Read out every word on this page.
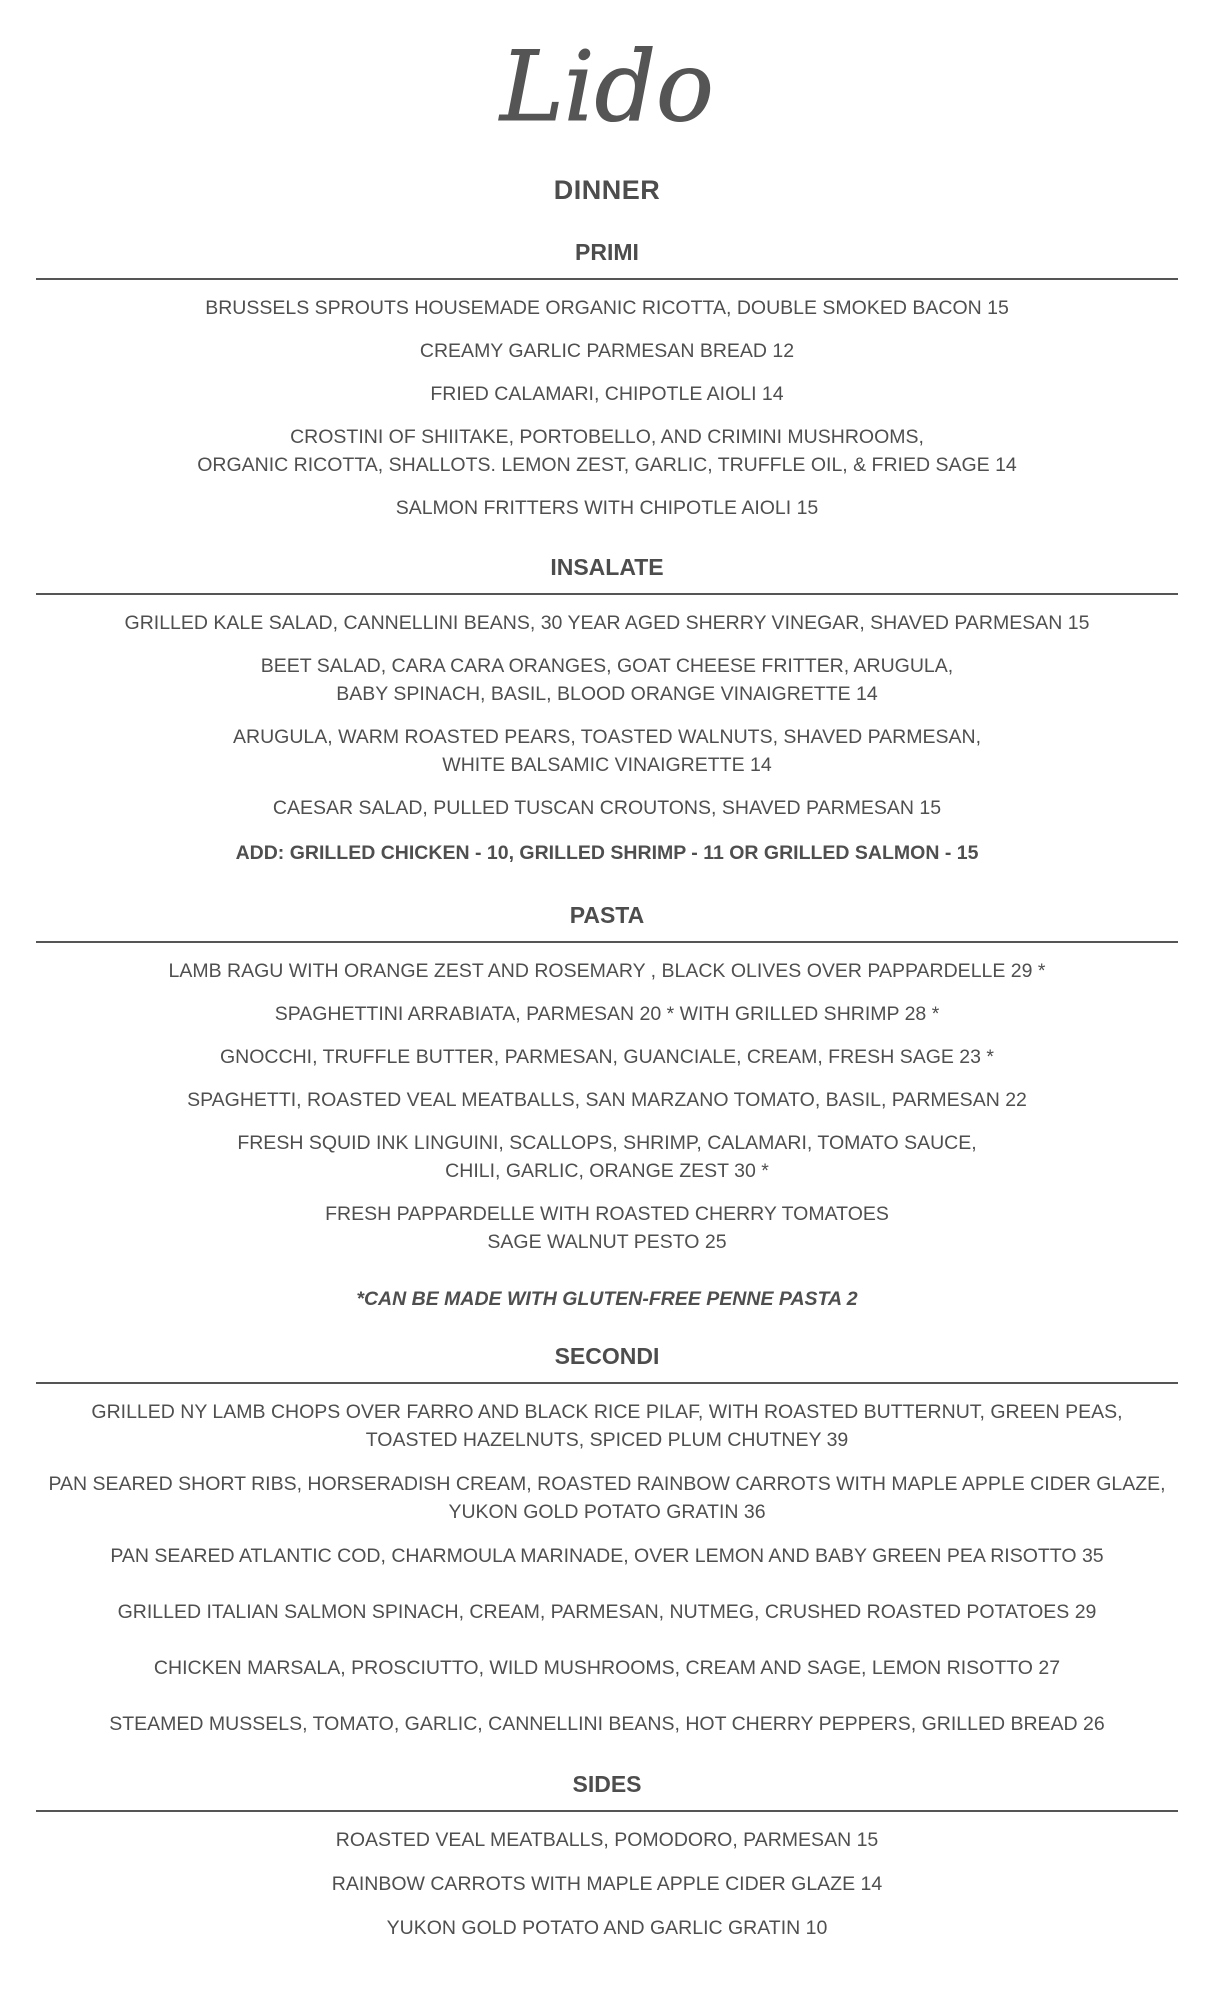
Lido
DINNER
PRIMI
BRUSSELS SPROUTS HOUSEMADE ORGANIC RICOTTA, DOUBLE SMOKED BACON 15
CREAMY GARLIC PARMESAN BREAD 12
FRIED CALAMARI, CHIPOTLE AIOLI 14
CROSTINI OF SHIITAKE, PORTOBELLO, AND CRIMINI MUSHROOMS,
ORGANIC RICOTTA, SHALLOTS. LEMON ZEST, GARLIC, TRUFFLE OIL, & FRIED SAGE 14
SALMON FRITTERS WITH CHIPOTLE AIOLI 15
INSALATE
GRILLED KALE SALAD, CANNELLINI BEANS, 30 YEAR AGED SHERRY VINEGAR, SHAVED PARMESAN 15
BEET SALAD, CARA CARA ORANGES, GOAT CHEESE FRITTER, ARUGULA,
BABY SPINACH, BASIL, BLOOD ORANGE VINAIGRETTE 14
ARUGULA, WARM ROASTED PEARS, TOASTED WALNUTS, SHAVED PARMESAN,
WHITE BALSAMIC VINAIGRETTE 14
CAESAR SALAD, PULLED TUSCAN CROUTONS, SHAVED PARMESAN 15
ADD: GRILLED CHICKEN - 10, GRILLED SHRIMP - 11 OR GRILLED SALMON - 15
PASTA
LAMB RAGU WITH ORANGE ZEST AND ROSEMARY , BLACK OLIVES OVER PAPPARDELLE 29 *
SPAGHETTINI ARRABIATA, PARMESAN 20 * WITH GRILLED SHRIMP 28 *
GNOCCHI, TRUFFLE BUTTER, PARMESAN, GUANCIALE, CREAM, FRESH SAGE 23 *
SPAGHETTI, ROASTED VEAL MEATBALLS, SAN MARZANO TOMATO, BASIL, PARMESAN 22
FRESH SQUID INK LINGUINI, SCALLOPS, SHRIMP, CALAMARI, TOMATO SAUCE,
CHILI, GARLIC, ORANGE ZEST 30 *
FRESH PAPPARDELLE WITH ROASTED CHERRY TOMATOES
SAGE WALNUT PESTO 25
*CAN BE MADE WITH GLUTEN-FREE PENNE PASTA 2
SECONDI
GRILLED NY LAMB CHOPS OVER FARRO AND BLACK RICE PILAF, WITH ROASTED BUTTERNUT, GREEN PEAS,
TOASTED HAZELNUTS, SPICED PLUM CHUTNEY 39
PAN SEARED SHORT RIBS, HORSERADISH CREAM, ROASTED RAINBOW CARROTS WITH MAPLE APPLE CIDER GLAZE,
YUKON GOLD POTATO GRATIN 36
PAN SEARED ATLANTIC COD, CHARMOULA MARINADE, OVER LEMON AND BABY GREEN PEA RISOTTO 35
GRILLED ITALIAN SALMON SPINACH, CREAM, PARMESAN, NUTMEG, CRUSHED ROASTED POTATOES 29
CHICKEN MARSALA, PROSCIUTTO, WILD MUSHROOMS, CREAM AND SAGE, LEMON RISOTTO 27
STEAMED MUSSELS, TOMATO, GARLIC, CANNELLINI BEANS, HOT CHERRY PEPPERS, GRILLED BREAD 26
SIDES
ROASTED VEAL MEATBALLS, POMODORO, PARMESAN 15
RAINBOW CARROTS WITH MAPLE APPLE CIDER GLAZE 14
YUKON GOLD POTATO AND GARLIC GRATIN 10
